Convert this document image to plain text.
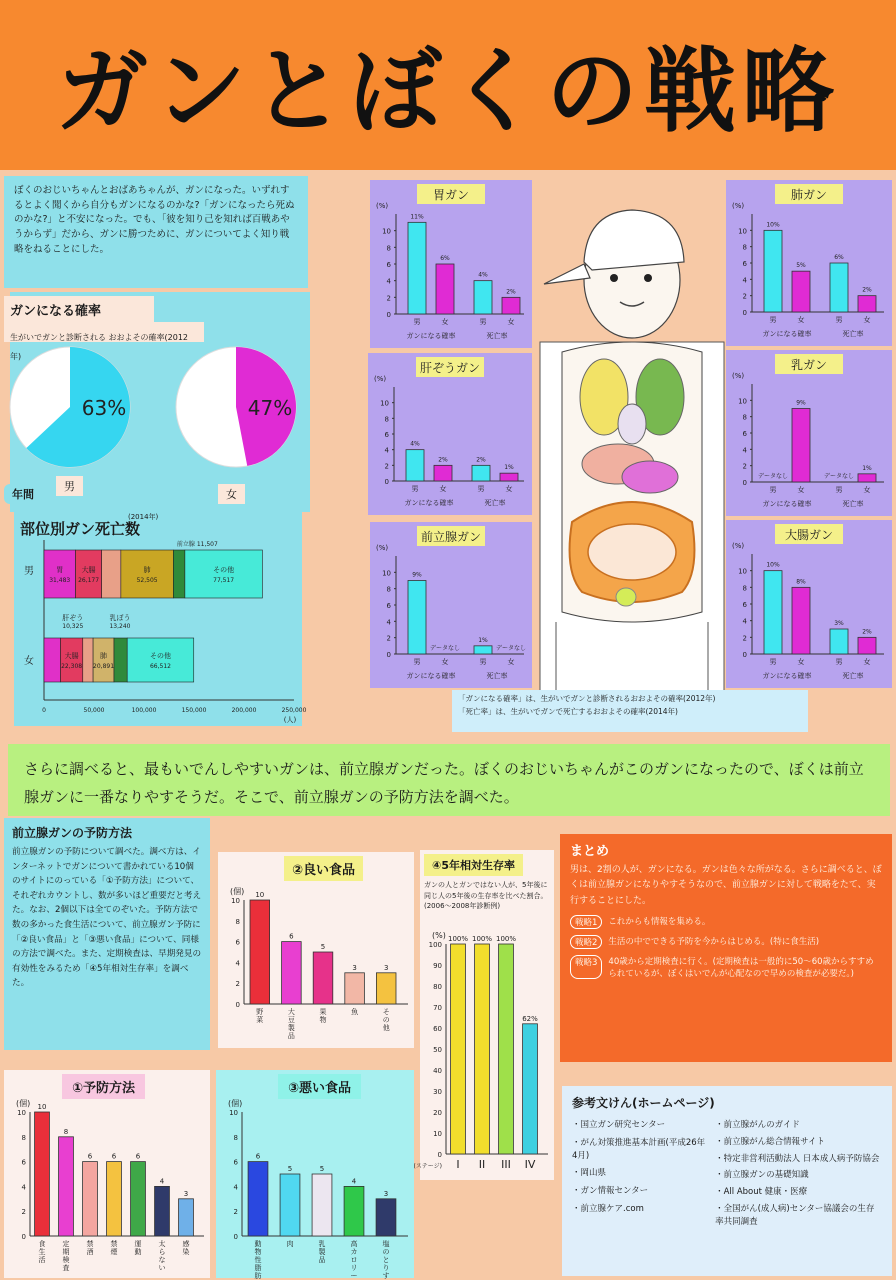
ガンとぼくの戦略

ぼくのおじいちゃんとおばあちゃんが、ガンになった。いずれするとよく聞くから自分もガンになるのかな?「ガンになったら死ぬのかな?」と不安になった。でも、「彼を知り己を知れば百戦あやうからず」だから、ガンに勝つために、ガンについてよく知り戦略をねることにした。

ガンになる確率
生がいでガンと診断される おおよその確率(2012年)
63%	47%
男
女
年間
部位別ガン死亡数
(2014年)
男
女
胃
31,483
大腸
26,177
肺
52,505
その他
77,517
大腸
22,308
肺
20,891
その他
66,512
肝ぞう
10,325
乳ぼう
13,240
前立腺 11,507
0	50,000	100,000	150,000	200,000	250,000
(人)
胃ガン
(%)
0
2
4
6
8
10
11%
男
6%
女
4%
男
2%
女
ガンになる確率	死亡率
肺ガン
(%)
0
2
4
6
8
10
10%
男
5%
女
6%
男
2%
女
ガンになる確率	死亡率
肝ぞうガン
(%)
0
2
4
6
8
10
4%
男
2%
女
2%
男
1%
女
ガンになる確率	死亡率
乳ガン
(%)
0
2
4
6
8
10
データなし
男
9%
女
データなし
男
1%
女
ガンになる確率	死亡率
前立腺ガン
(%)
0
2
4
6
8
10	9%
男
データなし
女
1%
男
データなし
女
ガンになる確率	死亡率
大腸ガン
(%)
0
2
4
6
8
10
10%
男
8%
女
3%
男
2%
女
ガンになる確率	死亡率
「ガンになる確率」は、生がいでガンと診断されるおおよその確率(2012年)
「死亡率」は、生がいでガンで死亡するおおよその確率(2014年)

さらに調べると、最もいでんしやすいガンは、前立腺ガンだった。ぼくのおじいちゃんがこのガンになったので、ぼくは前立腺ガンに一番なりやすそうだ。そこで、前立腺ガンの予防方法を調べた。

前立腺ガンの予防方法

前立腺ガンの予防について調べた。調べ方は、インターネットでガンについて書かれている10個のサイトにのっている「①予防方法」について、それぞれカウントし、数が多いほど重要だと考えた。なお、2個以下は全てのぞいた。予防方法で数の多かった食生活について、前立腺ガン予防に「②良い食品」と「③悪い食品」について、同様の方法で調べた。また、定期検査は、早期発見の有効性をみるため「④5年相対生存率」を調べた。

②良い食品
(個)
0
2
4
6
8
10
10
野
菜
6
大
豆
製
品
5
果
物
3
魚
3
そ
の
他
④5年相対生存率
ガンの人とガンではない人が、5年後に同じ人の5年後の生存率を比べた割合。(2006〜2008年診断例)
(%)
0
10
20
30
40
50
60
70
80
90
100
100%
I
100%
II
100%
III
62%
IV
(ステージ)
まとめ

男は、2割の人が、ガンになる。ガンは色々な所がなる。さらに調べると、ぼくは前立腺ガンになりやすそうなので、前立腺ガンに対して戦略をたて、実行することにした。

戦略1	これからも情報を集める。
戦略2	生活の中でできる予防を今からはじめる。(特に食生活)
戦略3	40歳から定期検査に行く。(定期検査は一般的に50〜60歳からすすめられているが、ぼくはいでんが心配なので早めの検査が必要だ。)
①予防方法
(個)
0
2
4
6
8
10
10
食
生
活
8
定
期
検
査
6
禁
酒
6
禁
煙
6
運
動
4
太
ら
な
い
3
感
染
③悪い食品
(個)
0
2
4
6
8
10
6
動
物
性
脂
肪
5
肉
5
乳
製
品
4
高
カ
ロ
リ
ー
3
塩
の
と
り
す
参考文けん(ホームページ)
・国立ガン研究センター
・がん対策推進基本計画(平成26年4月)
・岡山県
・ガン情報センター
・前立腺ケア.com
・前立腺がんのガイド
・前立腺がん総合情報サイト
・特定非営利活動法人 日本成人病予防協会
・前立腺ガンの基礎知識
・All About 健康・医療
・全国がん(成人病)センター協議会の生存率共同調査
